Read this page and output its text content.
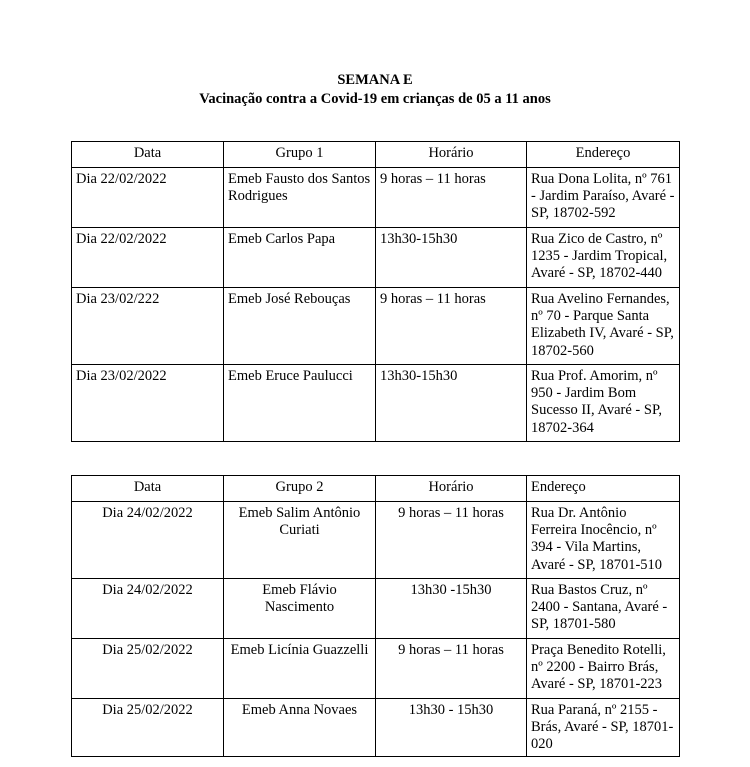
SEMANA E
Vacinação contra a Covid-19 em crianças de 05 a 11 anos
Data	Grupo 1	Horário	Endereço
Dia 22/02/2022	Emeb Fausto dos Santos Rodrigues	9 horas – 11 horas	Rua Dona Lolita, nº 761 - Jardim Paraíso, Avaré - SP, 18702-592
Dia 22/02/2022	Emeb Carlos Papa	13h30-15h30	Rua Zico de Castro, nº 1235 - Jardim Tropical, Avaré - SP, 18702-440
Dia 23/02/222	Emeb José Rebouças	9 horas – 11 horas	Rua Avelino Fernandes, nº 70 - Parque Santa Elizabeth IV, Avaré - SP, 18702-560
Dia 23/02/2022	Emeb Eruce Paulucci	13h30-15h30	Rua Prof. Amorim, nº 950 - Jardim Bom Sucesso II, Avaré - SP, 18702-364
Data	Grupo 2	Horário	Endereço
Dia 24/02/2022	Emeb Salim Antônio Curiati	9 horas – 11 horas	Rua Dr. Antônio Ferreira Inocêncio, nº 394 - Vila Martins, Avaré - SP, 18701-510
Dia 24/02/2022	Emeb Flávio Nascimento	13h30 -15h30	Rua Bastos Cruz, nº 2400 - Santana, Avaré - SP, 18701-580
Dia 25/02/2022	Emeb Licínia Guazzelli	9 horas – 11 horas	Praça Benedito Rotelli, nº 2200 - Bairro Brás, Avaré - SP, 18701-223
Dia 25/02/2022	Emeb Anna Novaes	13h30 - 15h30	Rua Paraná, nº 2155 - Brás, Avaré - SP, 18701-020
